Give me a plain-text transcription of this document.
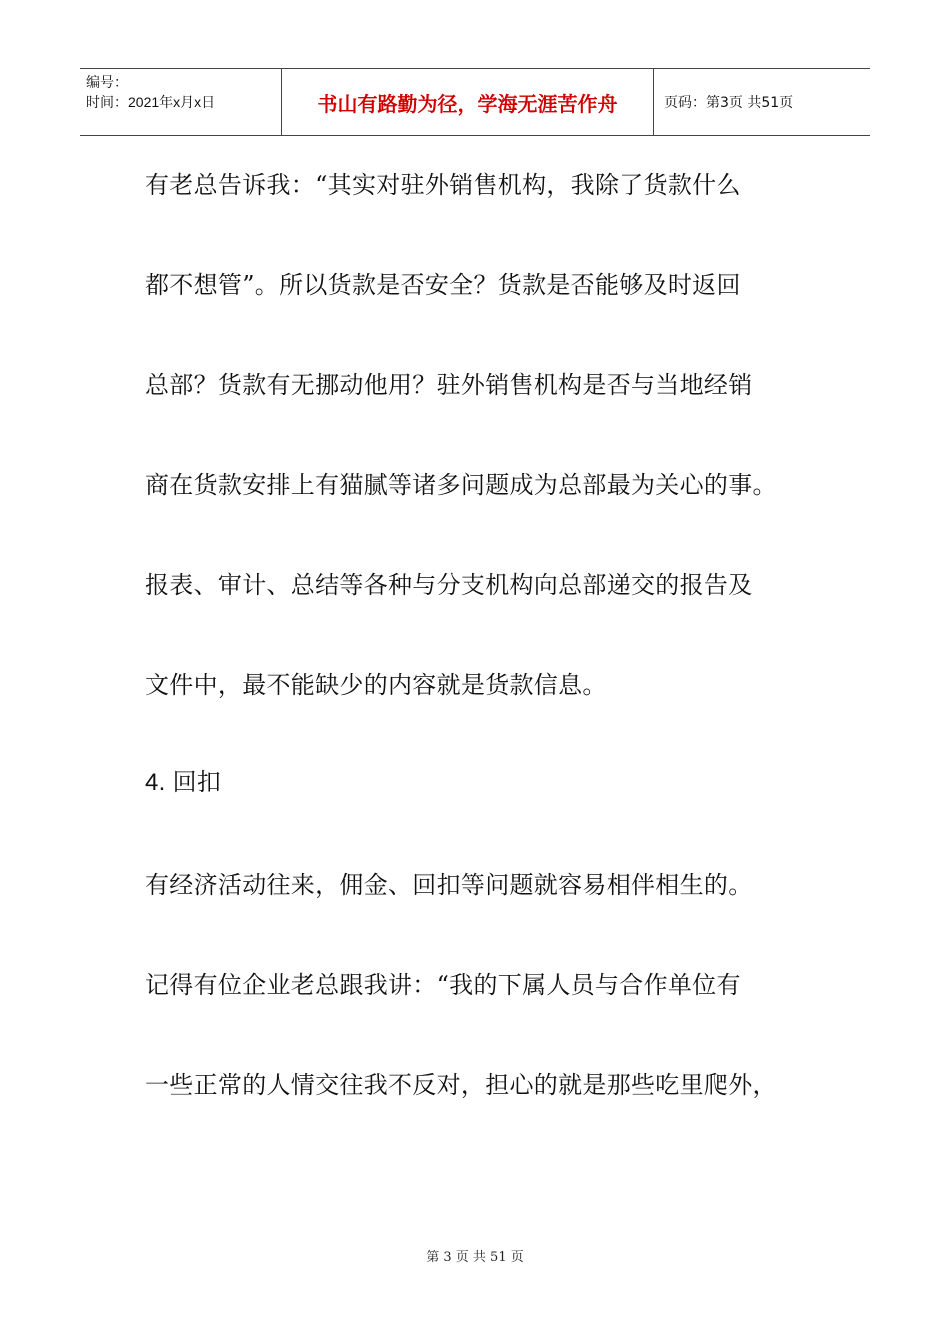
编号：
时间：2021年x月x日	书山有路勤为径，学海无涯苦作舟	页码：第3页 共51页
有老总告诉我：“其实对驻外销售机构，我除了货款什么
都不想管”。所以货款是否安全？货款是否能够及时返回
总部？货款有无挪动他用？驻外销售机构是否与当地经销
商在货款安排上有猫腻等诸多问题成为总部最为关心的事。
报表、审计、总结等各种与分支机构向总部递交的报告及
文件中，最不能缺少的内容就是货款信息。
4. 回扣
有经济活动往来，佣金、回扣等问题就容易相伴相生的。
记得有位企业老总跟我讲：“我的下属人员与合作单位有
一些正常的人情交往我不反对，担心的就是那些吃里爬外，
第 3 页 共 51 页
